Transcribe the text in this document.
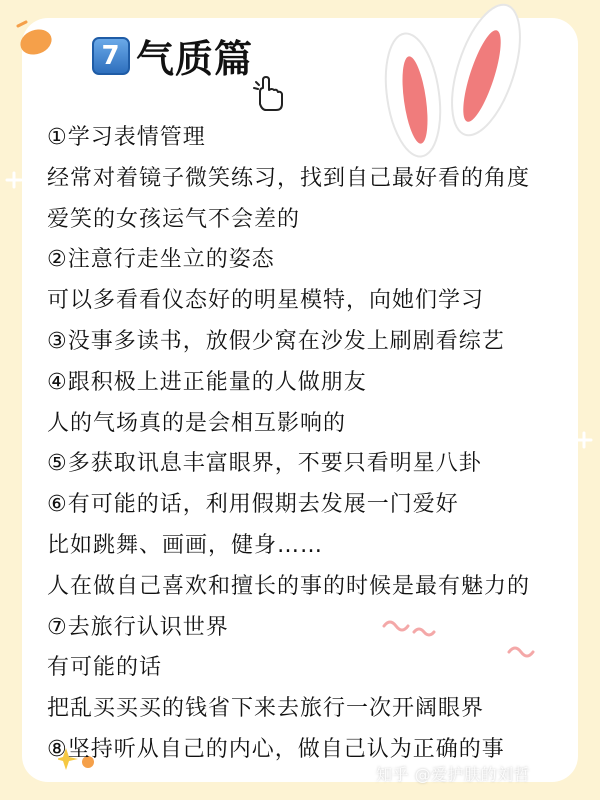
7 气质篇
①学习表情管理
经常对着镜子微笑练习，找到自己最好看的角度
爱笑的女孩运气不会差的
②注意行走坐立的姿态
可以多看看仪态好的明星模特，向她们学习
③没事多读书，放假少窝在沙发上刷剧看综艺
④跟积极上进正能量的人做朋友
人的气场真的是会相互影响的
⑤多获取讯息丰富眼界，不要只看明星八卦
⑥有可能的话，利用假期去发展一门爱好
比如跳舞、画画，健身……
人在做自己喜欢和擅长的事的时候是最有魅力的
⑦去旅行认识世界
有可能的话
把乱买买买的钱省下来去旅行一次开阔眼界
⑧坚持听从自己的内心，做自己认为正确的事
知乎 @爱护肤的刘哲
